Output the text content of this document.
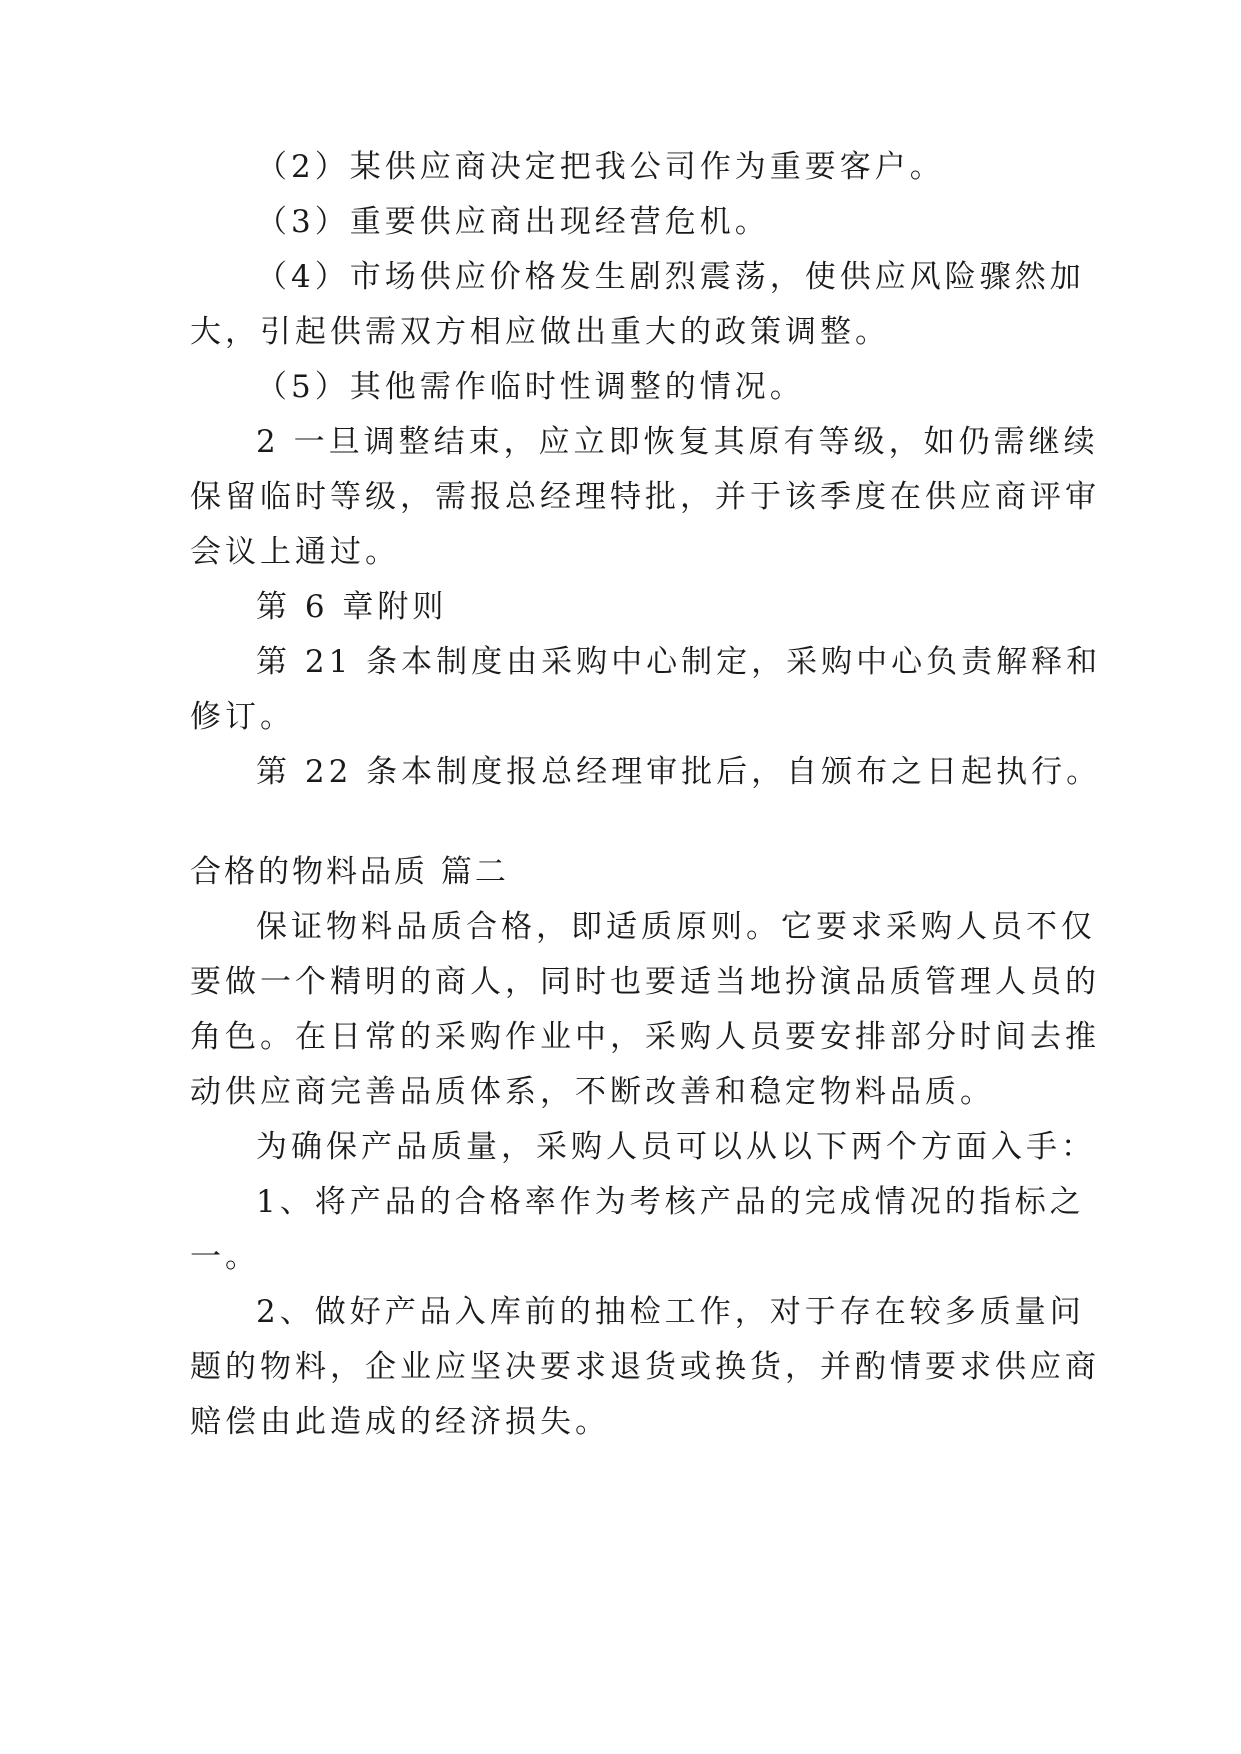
（2）某供应商决定把我公司作为重要客户。
（3）重要供应商出现经营危机。
（4）市场供应价格发生剧烈震荡，使供应风险骤然加
大，引起供需双方相应做出重大的政策调整。
（5）其他需作临时性调整的情况。
2 一旦调整结束，应立即恢复其原有等级，如仍需继续
保留临时等级，需报总经理特批，并于该季度在供应商评审
会议上通过。
第 6 章附则
第 21 条本制度由采购中心制定，采购中心负责解释和
修订。
第 22 条本制度报总经理审批后，自颁布之日起执行。
合格的物料品质 篇二
保证物料品质合格，即适质原则。它要求采购人员不仅
要做一个精明的商人，同时也要适当地扮演品质管理人员的
角色。在日常的采购作业中，采购人员要安排部分时间去推
动供应商完善品质体系，不断改善和稳定物料品质。
为确保产品质量，采购人员可以从以下两个方面入手：
1、将产品的合格率作为考核产品的完成情况的指标之
一。
2、做好产品入库前的抽检工作，对于存在较多质量问
题的物料，企业应坚决要求退货或换货，并酌情要求供应商
赔偿由此造成的经济损失。
